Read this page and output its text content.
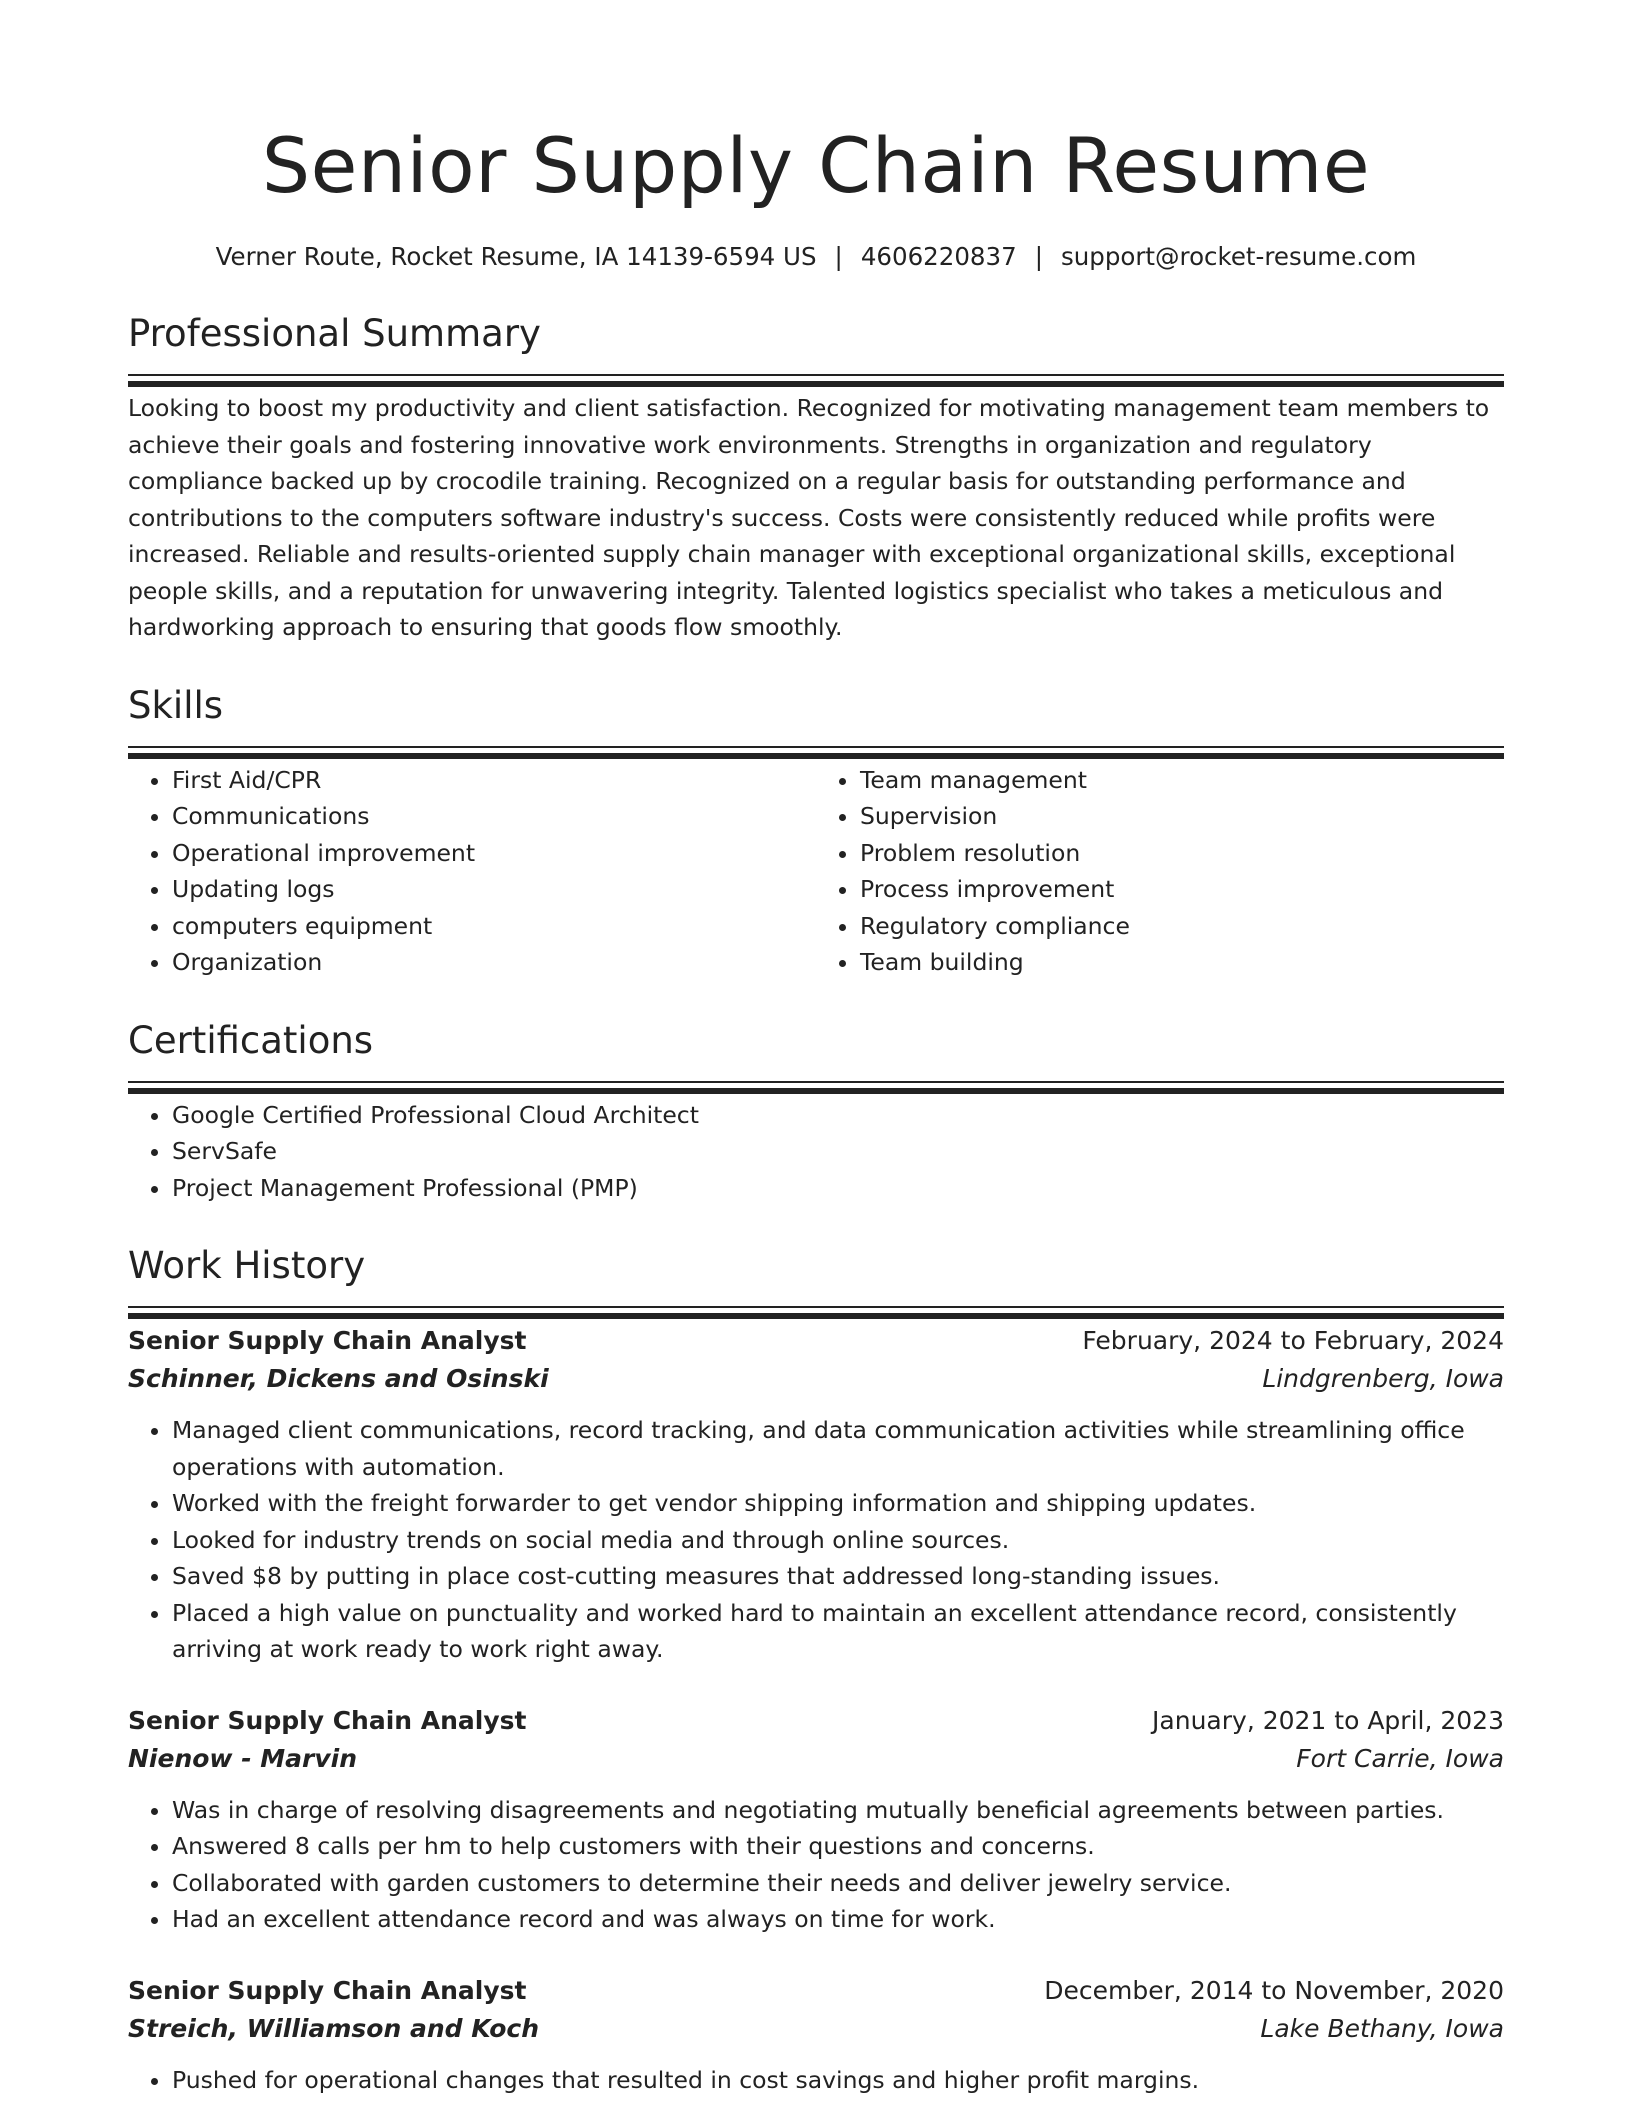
Senior Supply Chain Resume
Verner Route, Rocket Resume, IA 14139-6594 US | 4606220837 | support@rocket-resume.com
Professional Summary

Looking to boost my productivity and client satisfaction. Recognized for motivating management team members to achieve their goals and fostering innovative work environments. Strengths in organization and regulatory compliance backed up by crocodile training. Recognized on a regular basis for outstanding performance and contributions to the computers software industry's success. Costs were consistently reduced while profits were increased. Reliable and results-oriented supply chain manager with exceptional organizational skills, exceptional people skills, and a reputation for unwavering integrity. Talented logistics specialist who takes a meticulous and hardworking approach to ensuring that goods flow smoothly.

Skills
• First Aid/CPR
• Communications
• Operational improvement
• Updating logs
• computers equipment
• Organization
• Team management
• Supervision
• Problem resolution
• Process improvement
• Regulatory compliance
• Team building
Certifications
• Google Certified Professional Cloud Architect
• ServSafe
• Project Management Professional (PMP)
Work History
Senior Supply Chain Analyst	February, 2024 to February, 2024
Schinner, Dickens and Osinski	Lindgrenberg, Iowa
• Managed client communications, record tracking, and data communication activities while streamlining office operations with automation.
• Worked with the freight forwarder to get vendor shipping information and shipping updates.
• Looked for industry trends on social media and through online sources.
• Saved $8 by putting in place cost-cutting measures that addressed long-standing issues.
• Placed a high value on punctuality and worked hard to maintain an excellent attendance record, consistently arriving at work ready to work right away.
Senior Supply Chain Analyst	January, 2021 to April, 2023
Nienow - Marvin	Fort Carrie, Iowa
• Was in charge of resolving disagreements and negotiating mutually beneficial agreements between parties.
• Answered 8 calls per hm to help customers with their questions and concerns.
• Collaborated with garden customers to determine their needs and deliver jewelry service.
• Had an excellent attendance record and was always on time for work.
Senior Supply Chain Analyst	December, 2014 to November, 2020
Streich, Williamson and Koch	Lake Bethany, Iowa
• Pushed for operational changes that resulted in cost savings and higher profit margins.
